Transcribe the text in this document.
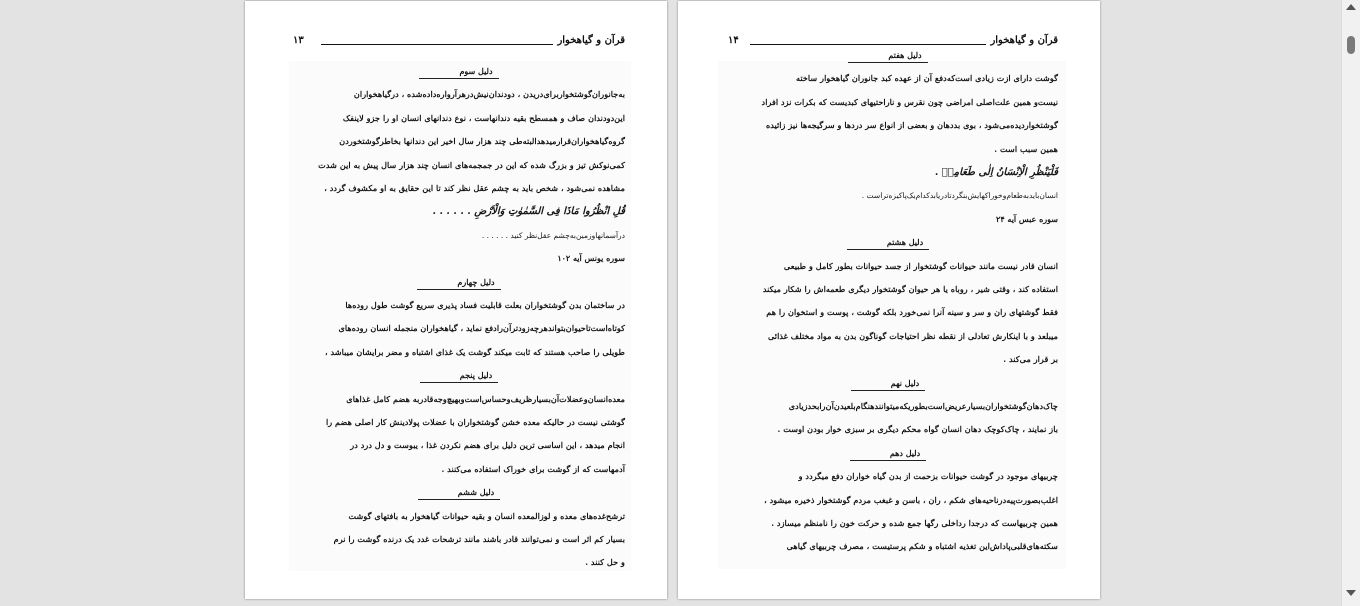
قرآن و گیاهخوار
۱۳

دلیل سوم

به‌جانوران‌گوشتخوار‌برای‌دریدن ، دودندان‌نیش‌در‌هر‌آرواره‌داده‌شده ، در‌گیاهخواران

این‌دودندان صاف و همسطح بقیه دندانهاست ، نوع دندانهای انسان او را جزو لاینفک

گروه‌گیاهخواران‌قرار‌میدهد‌البته‌طی چند هزار سال اخیر این دندانها بخاطرگوشتخوردن

کمی‌نوکش تیز و بزرگ شده که این در جمجمه‌های انسان چند هزار سال پیش به این شدت

مشاهده نمی‌شود ، شخص باید به چشم عقل نظر کند تا این حقایق به او مکشوف گردد ،

قُلِ انْظُرُوا مَاذَا فِی السَّمٰوٰتِ وَالْاَرْضِ . . . . . .

در‌آسمانها‌و‌زمین‌به‌چشم عقل‌نظر کنید . . . . . .

سوره یونس آیه ۱۰۲

دلیل چهارم

در ساختمان بدن گوشتخواران بعلت قابلیت فساد پذیری سریع گوشت طول روده‌ها

کوتاه‌است‌تا‌حیوان‌بتواند‌هرچه‌زودتر‌آن‌را‌دفع نماید ، گیاهخواران منجمله انسان روده‌های

طویلی را صاحب هستند که ثابت میکند گوشت یک غذای اشتباه و مضر برایشان میباشد ،

دلیل پنجم

معده‌انسان‌و‌عضلات‌آن‌بسیار‌ظریف‌و‌حساس‌است‌و‌بهیچ‌وجه‌قادر‌به هضم کامل غذاهای

گوشتی نیست در حالیکه معده خشن گوشتخواران با عضلات پولادینش کار اصلی هضم را

انجام میدهد ، این اساسی ترین دلیل برای هضم نکردن غذا ، یبوست و دل درد در

آدمهاست که از گوشت برای خوراک استفاده می‌کنند .

دلیل ششم

ترشح‌غده‌های معده و لوزالمعده انسان و بقیه حیوانات گیاهخوار به بافتهای گوشت

بسیار کم اثر است و نمی‌توانند قادر باشند مانند ترشحات غدد یک درنده گوشت را نرم

و حل کنند .

قرآن و گیاهخوار
۱۴

دلیل هفتم

گوشت دارای ازت زیادی است‌که‌دفع آن از عهده کبد جانوران گیاهخوار ساخته

نیست‌و همین علت‌اصلی امراضی چون نقرس و ناراحتیهای کبدیست که بکرات نزد افراد

گوشتخوار‌دیده‌می‌شود ، بوی بددهان و بعضی از انواع سر دردها و سرگیجه‌ها نیز زائیده

همین سبب است .

فَلْیَنْظُرِ الْاِنْسَانُ اِلٰی طَعَامِهٖ .

انسان‌باید‌به‌طعام‌و‌خوراکهایش‌بنگرد‌تا‌در‌یابد‌کدام‌یک‌پاکیزه‌تر‌است .

سوره عبس آیه ۲۴

دلیل هشتم

انسان قادر نیست مانند حیوانات گوشتخوار از جسد حیوانات بطور کامل و طبیعی

استفاده کند ، وقتی شیر ، روباه یا هر حیوان گوشتخوار دیگری طعمه‌اش را شکار میکند

فقط گوشتهای ران و سر و سینه آنرا نمی‌خورد بلکه گوشت ، پوست و استخوان را هم

میبلعد و با اینکارش تعادلی از نقطه نظر احتیاجات گوناگون بدن به مواد مختلف غذائی

بر قرار می‌کند .

دلیل نهم

چاک‌دهان‌گوشتخواران‌بسیار‌عریض‌است‌بطوریکه‌میتوانند‌هنگام‌بلعیدن‌آن‌را‌بحد‌زیادی

باز نمایند ، چاک‌کوچک دهان انسان گواه محکم دیگری بر سبزی خوار بودن اوست .

دلیل دهم

چربیهای موجود در گوشت حیوانات بزحمت از بدن گیاه خواران دفع میگردد و

اغلب‌بصورت‌پیه‌در‌ناحیه‌های شکم ، ران ، باسن و غبغب مردم گوشتخوار ذخیره میشود ،

همین چربیهاست که درجدا رداخلی رگها جمع شده و حرکت خون را نامنظم میسازد .

سکته‌های‌قلبی‌پاداش‌این تغذیه اشتباه و شکم پرستیست ، مصرف چربیهای گیاهی
